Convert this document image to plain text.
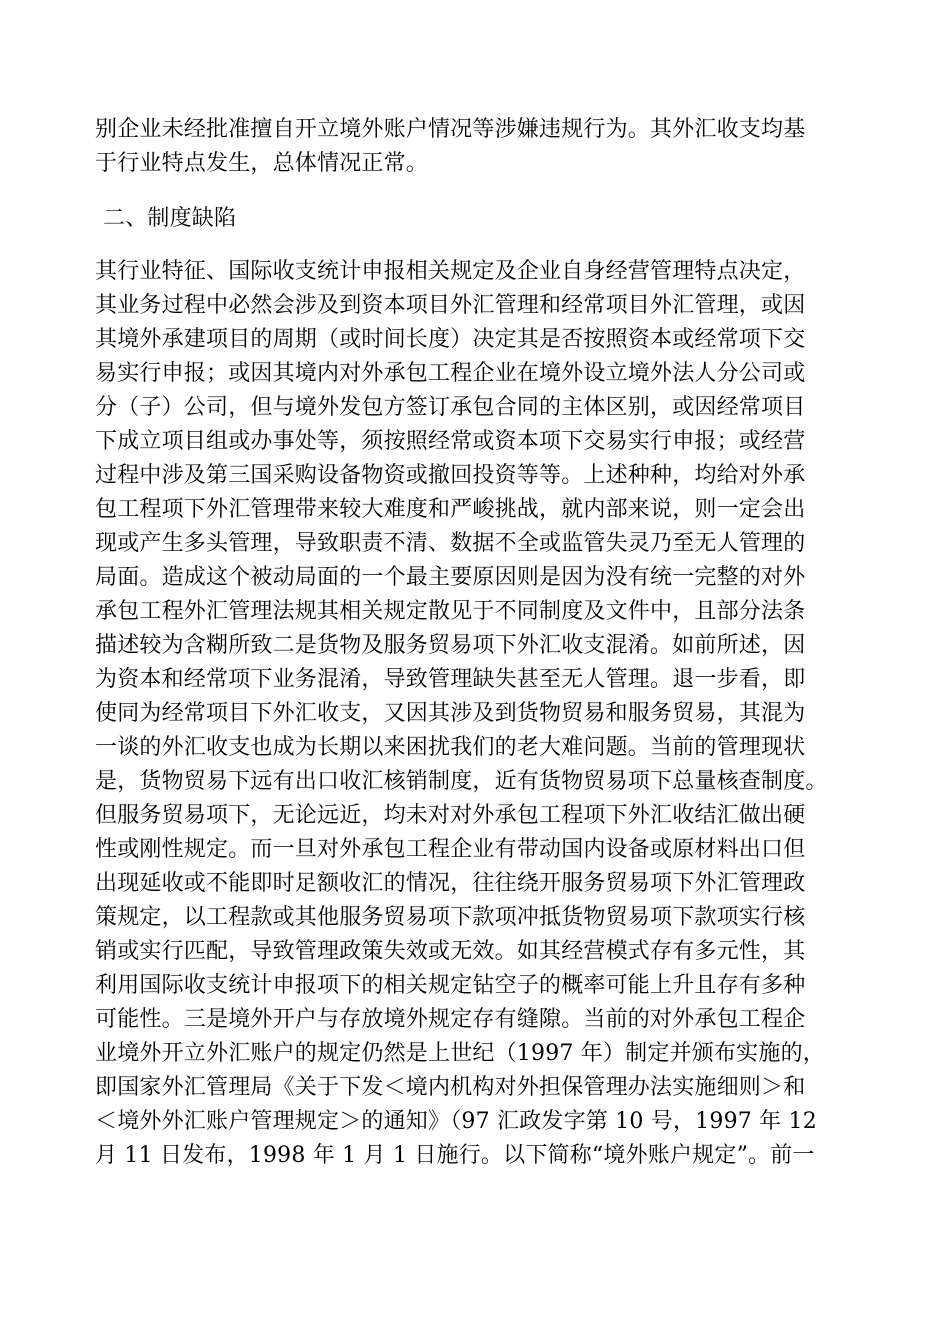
别企业未经批准擅自开立境外账户情况等涉嫌违规行为。其外汇收支均基
于行业特点发生，总体情况正常。
二、制度缺陷
其行业特征、国际收支统计申报相关规定及企业自身经营管理特点决定，
其业务过程中必然会涉及到资本项目外汇管理和经常项目外汇管理，或因
其境外承建项目的周期（或时间长度）决定其是否按照资本或经常项下交
易实行申报；或因其境内对外承包工程企业在境外设立境外法人分公司或
分（子）公司，但与境外发包方签订承包合同的主体区别，或因经常项目
下成立项目组或办事处等，须按照经常或资本项下交易实行申报；或经营
过程中涉及第三国采购设备物资或撤回投资等等。上述种种，均给对外承
包工程项下外汇管理带来较大难度和严峻挑战，就内部来说，则一定会出
现或产生多头管理，导致职责不清、数据不全或监管失灵乃至无人管理的
局面。造成这个被动局面的一个最主要原因则是因为没有统一完整的对外
承包工程外汇管理法规其相关规定散见于不同制度及文件中，且部分法条
描述较为含糊所致二是货物及服务贸易项下外汇收支混淆。如前所述，因
为资本和经常项下业务混淆，导致管理缺失甚至无人管理。退一步看，即
使同为经常项目下外汇收支，又因其涉及到货物贸易和服务贸易，其混为
一谈的外汇收支也成为长期以来困扰我们的老大难问题。当前的管理现状
是，货物贸易下远有出口收汇核销制度，近有货物贸易项下总量核查制度。
但服务贸易项下，无论远近，均未对对外承包工程项下外汇收结汇做出硬
性或刚性规定。而一旦对外承包工程企业有带动国内设备或原材料出口但
出现延收或不能即时足额收汇的情况，往往绕开服务贸易项下外汇管理政
策规定，以工程款或其他服务贸易项下款项冲抵货物贸易项下款项实行核
销或实行匹配，导致管理政策失效或无效。如其经营模式存有多元性，其
利用国际收支统计申报项下的相关规定钻空子的概率可能上升且存有多种
可能性。三是境外开户与存放境外规定存有缝隙。当前的对外承包工程企
业境外开立外汇账户的规定仍然是上世纪（1997 年）制定并颁布实施的，
即国家外汇管理局《关于下发＜境内机构对外担保管理办法实施细则＞和
＜境外外汇账户管理规定＞的通知》（97 汇政发字第 10 号，1997 年 12
月 11 日发布，1998 年 1 月 1 日施行。以下简称“境外账户规定”。前一
